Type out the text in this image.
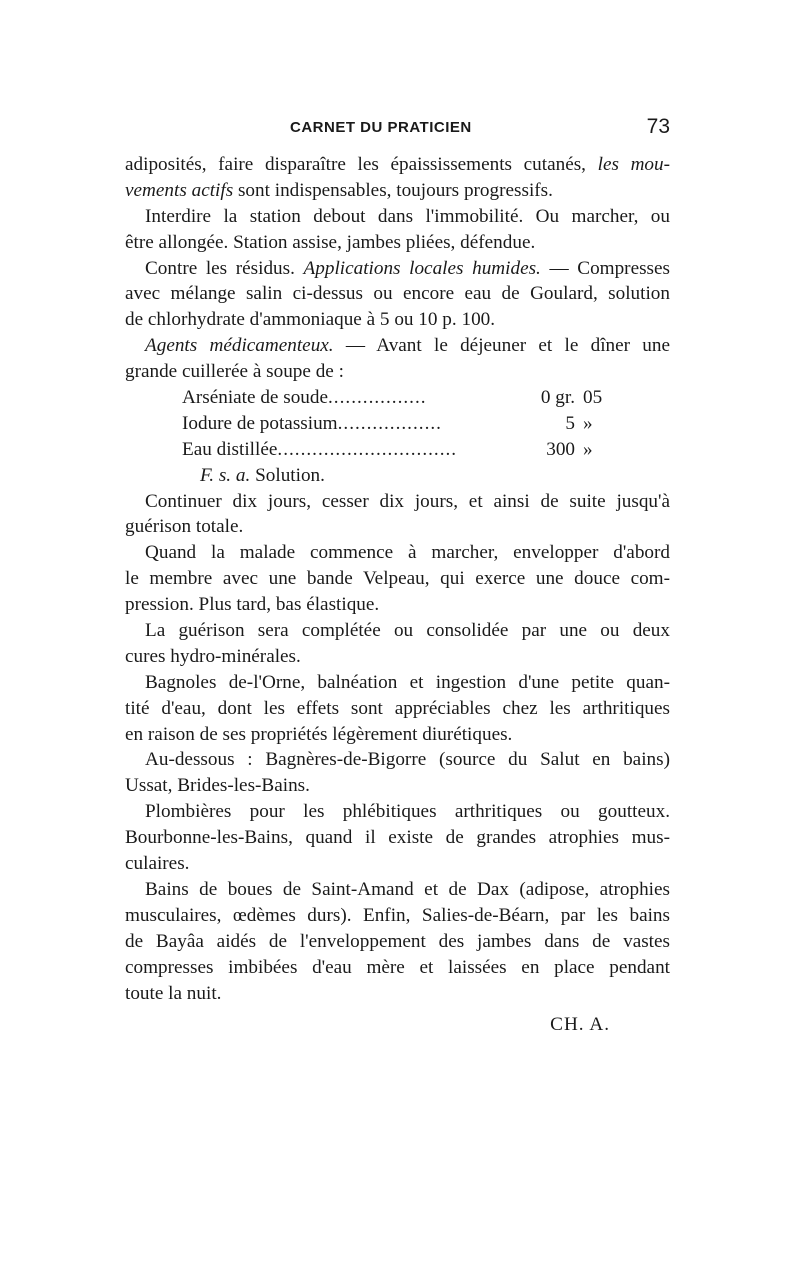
CARNET DU PRATICIEN	73
adiposités, faire disparaître les épaississements cutanés, les mou-
vements actifs sont indispensables, toujours progressifs.
Interdire la station debout dans l'immobilité. Ou marcher, ou
être allongée. Station assise, jambes pliées, défendue.
Contre les résidus. Applications locales humides. — Compresses
avec mélange salin ci-dessus ou encore eau de Goulard, solution
de chlorhydrate d'ammoniaque à 5 ou 10 p. 100.
Agents médicamenteux. — Avant le déjeuner et le dîner une
grande cuillerée à soupe de :
Arséniate de soude.................	0 gr. 05
Iodure de potassium..................	5 »
Eau distillée...............................	300 »
F. s. a. Solution.
Continuer dix jours, cesser dix jours, et ainsi de suite jusqu'à
guérison totale.
Quand la malade commence à marcher, envelopper d'abord
le membre avec une bande Velpeau, qui exerce une douce com-
pression. Plus tard, bas élastique.
La guérison sera complétée ou consolidée par une ou deux
cures hydro-minérales.
Bagnoles de-l'Orne, balnéation et ingestion d'une petite quan-
tité d'eau, dont les effets sont appréciables chez les arthritiques
en raison de ses propriétés légèrement diurétiques.
Au-dessous : Bagnères-de-Bigorre (source du Salut en bains)
Ussat, Brides-les-Bains.
Plombières pour les phlébitiques arthritiques ou goutteux.
Bourbonne-les-Bains, quand il existe de grandes atrophies mus-
culaires.
Bains de boues de Saint-Amand et de Dax (adipose, atrophies
musculaires, œdèmes durs). Enfin, Salies-de-Béarn, par les bains
de Bayâa aidés de l'enveloppement des jambes dans de vastes
compresses imbibées d'eau mère et laissées en place pendant
toute la nuit.
CH. A.
